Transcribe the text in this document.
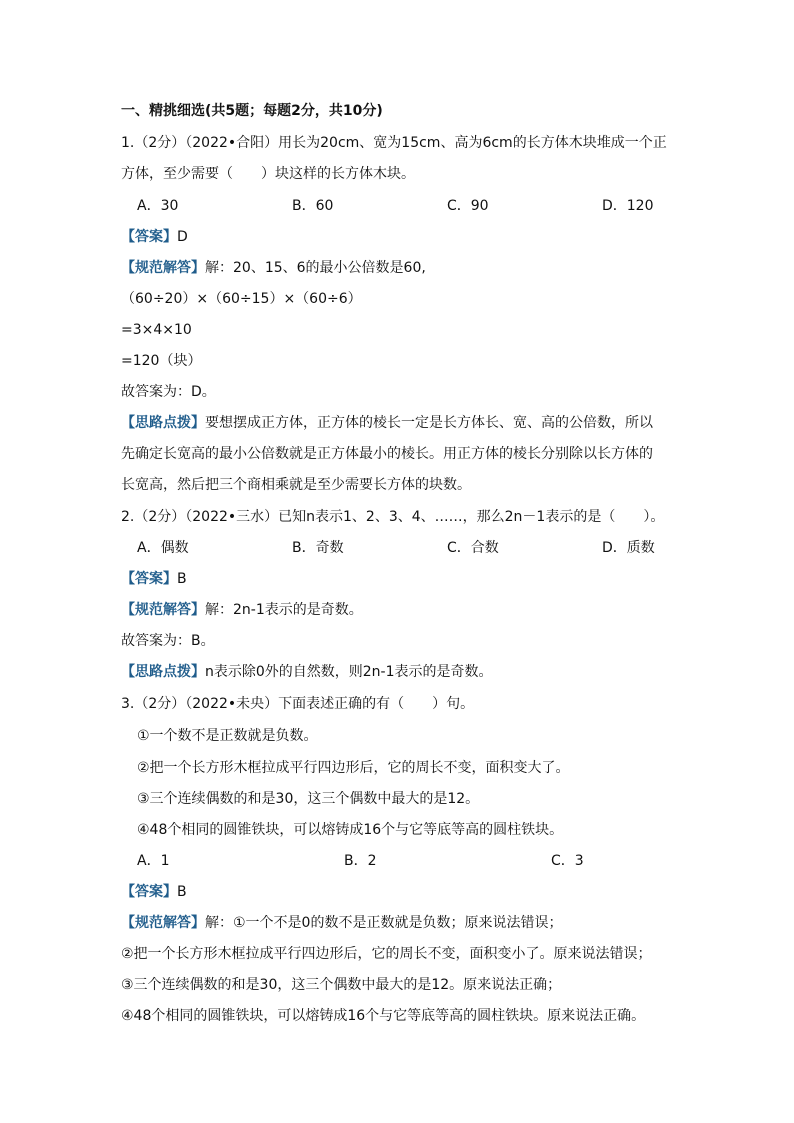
一、精挑细选(共5题；每题2分，共10分)
1.（2分）（2022•合阳）用长为20cm、宽为15cm、高为6cm的长方体木块堆成一个正
方体，至少需要（　　）块这样的长方体木块。
A．30	B．60	C．90	D．120
【答案】D
【规范解答】解：20、15、6的最小公倍数是60,
（60÷20）×（60÷15）×（60÷6）
=3×4×10
=120（块）
故答案为：D。
【思路点拨】要想摆成正方体，正方体的棱长一定是长方体长、宽、高的公倍数，所以
先确定长宽高的最小公倍数就是正方体最小的棱长。用正方体的棱长分别除以长方体的
长宽高，然后把三个商相乘就是至少需要长方体的块数。
2.（2分）（2022•三水）已知n表示1、2、3、4、……，那么2n－1表示的是（　　）。
A．偶数	B．奇数	C．合数	D．质数
【答案】B
【规范解答】解：2n-1表示的是奇数。
故答案为：B。
【思路点拨】n表示除0外的自然数，则2n-1表示的是奇数。
3.（2分）（2022•未央）下面表述正确的有（　　）句。
①一个数不是正数就是负数。
②把一个长方形木框拉成平行四边形后，它的周长不变，面积变大了。
③三个连续偶数的和是30，这三个偶数中最大的是12。
④48个相同的圆锥铁块，可以熔铸成16个与它等底等高的圆柱铁块。
A．1	B．2	C．3
【答案】B
【规范解答】解：①一个不是0的数不是正数就是负数；原来说法错误；
②把一个长方形木框拉成平行四边形后，它的周长不变，面积变小了。原来说法错误；
③三个连续偶数的和是30，这三个偶数中最大的是12。原来说法正确；
④48个相同的圆锥铁块，可以熔铸成16个与它等底等高的圆柱铁块。原来说法正确。
